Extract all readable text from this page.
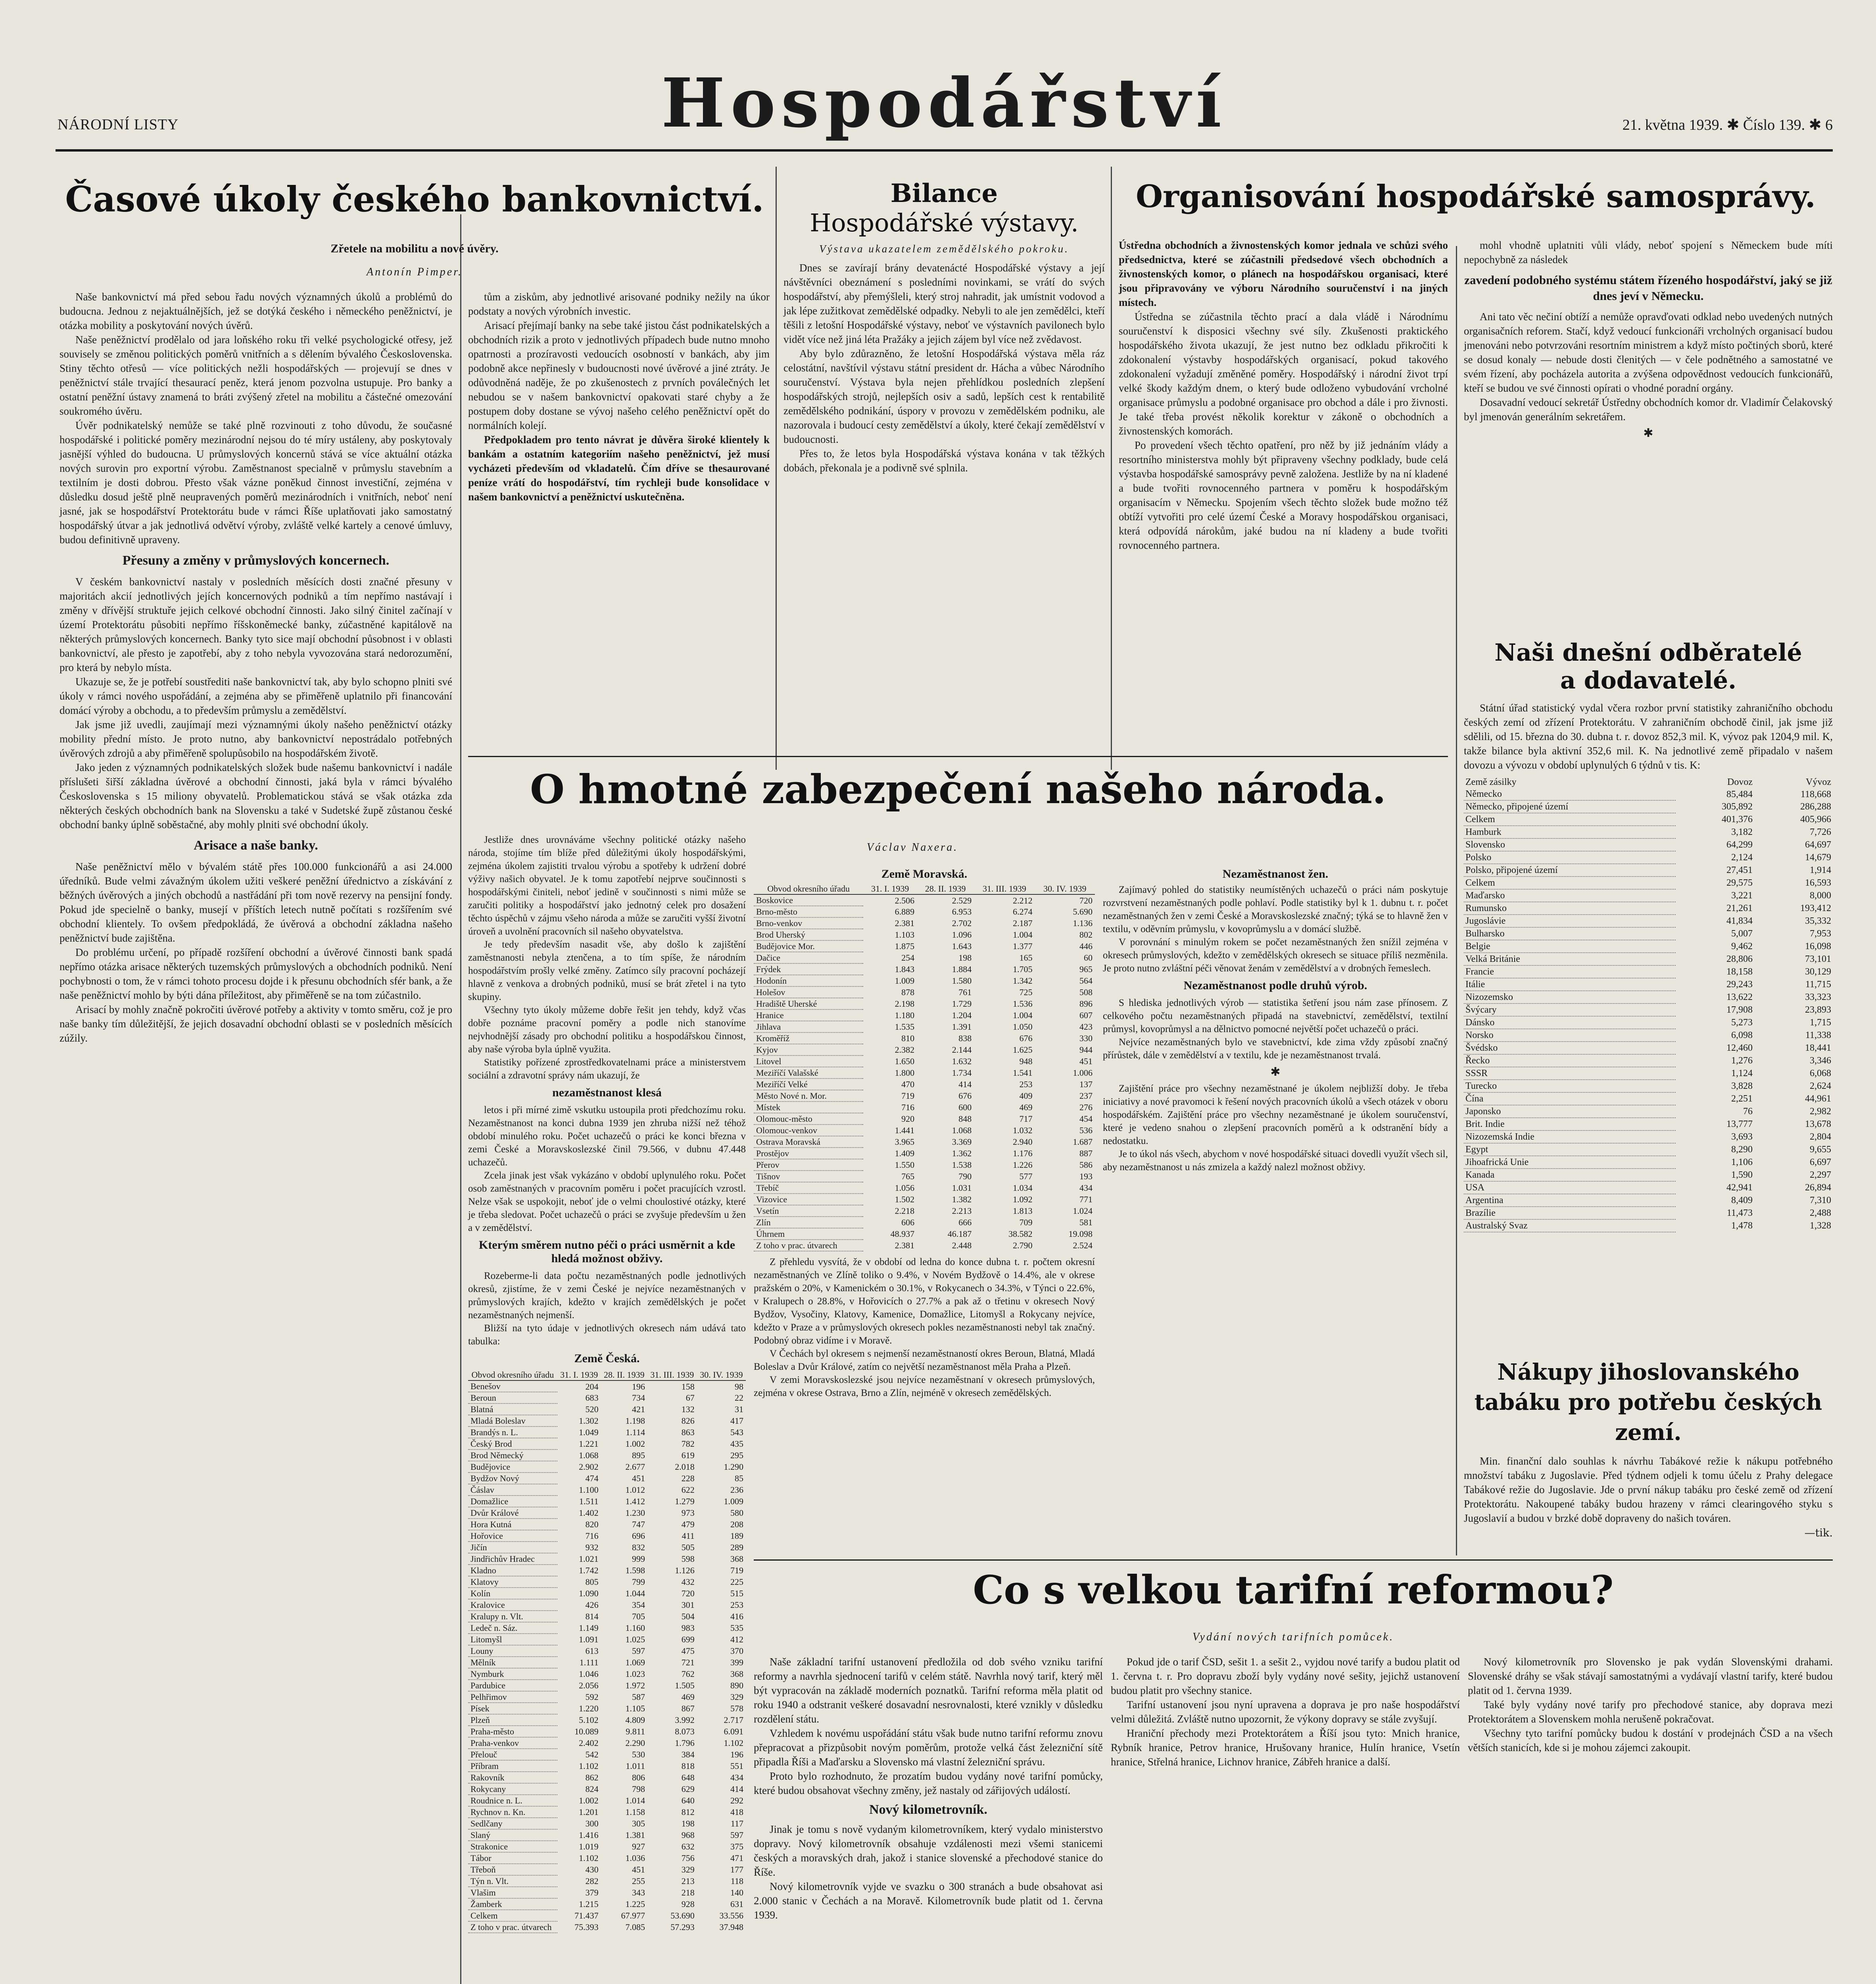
NÁRODNÍ LISTY	Hospodářství	21. května 1939. ✱ Číslo 139. ✱ 6
Časové úkoly českého bankovnictví.

Zřetele na mobilitu a nové úvěry.

Antonín Pimper.

Naše bankovnictví má před sebou řadu nových významných úkolů a problémů do budoucna. Jednou z nejaktuálnějších, jež se dotýká českého i německého peněžnictví, je otázka mobility a poskytování nových úvěrů.

Naše peněžnictví prodělalo od jara loňského roku tři velké psychologické otřesy, jež souvisely se změnou politických poměrů vnitřních a s dělením bývalého Československa. Stiny těchto otřesů — více politických nežli hospodářských — projevují se dnes v peněžnictví stále trvající thesaurací peněz, která jenom pozvolna ustupuje. Pro banky a ostatní peněžní ústavy znamená to bráti zvýšený zřetel na mobilitu a částečné omezování soukromého úvěru.

Úvěr podnikatelský nemůže se také plně rozvinouti z toho důvodu, že současné hospodářské i politické poměry mezinárodní nejsou do té míry ustáleny, aby poskytovaly jasnější výhled do budoucna. U průmyslových koncernů stává se více aktuální otázka nových surovin pro exportní výrobu. Zaměstnanost specialně v průmyslu stavebním a textilním je dosti dobrou. Přesto však vázne poněkud činnost investiční, zejména v důsledku dosud ještě plně neupravených poměrů mezinárodních i vnitřních, neboť není jasné, jak se hospodářství Protektorátu bude v rámci Říše uplatňovati jako samostatný hospodářský útvar a jak jednotlivá odvětví výroby, zvláště velké kartely a cenové úmluvy, budou definitivně upraveny.

Přesuny a změny v průmyslových koncernech.

V českém bankovnictví nastaly v posledních měsících dosti značné přesuny v majoritách akcií jednotlivých jejích koncernových podniků a tím nepřímo nastávají i změny v dřívější struktuře jejich celkové obchodní činnosti. Jako silný činitel začínají v území Protektorátu působiti nepřímo říšskoněmecké banky, zúčastněné kapitálově na některých průmyslových koncernech. Banky tyto sice mají obchodní působnost i v oblasti bankovnictví, ale přesto je zapotřebí, aby z toho nebyla vyvozována stará nedorozumění, pro která by nebylo místa.

Ukazuje se, že je potřebí soustřediti naše bankovnictví tak, aby bylo schopno plniti své úkoly v rámci nového uspořádání, a zejména aby se přiměřeně uplatnilo při financování domácí výroby a obchodu, a to především průmyslu a zemědělství.

Jak jsme již uvedli, zaujímají mezi významnými úkoly našeho peněžnictví otázky mobility přední místo. Je proto nutno, aby bankovnictví nepostrádalo potřebných úvěrových zdrojů a aby přiměřeně spolupůsobilo na hospodářském životě.

Jako jeden z významných podnikatelských složek bude našemu bankovnictví i nadále příslušeti šiřší základna úvěrové a obchodní činnosti, jaká byla v rámci bývalého Československa s 15 miliony obyvatelů. Problematickou stává se však otázka zda některých českých obchodních bank na Slovensku a také v Sudetské župě zůstanou české obchodní banky úplně soběstačné, aby mohly plniti své obchodní úkoly.

Arisace a naše banky.

Naše peněžnictví mělo v bývalém státě přes 100.000 funkcionářů a asi 24.000 úředníků. Bude velmi závažným úkolem užiti veškeré peněžní úřednictvo a získávání z běžných úvěrových a jiných obchodů a nastřádání při tom nově rezervy na pensijní fondy. Pokud jde specielně o banky, musejí v příštích letech nutně počítati s rozšířením své obchodní klientely. To ovšem předpokládá, že úvěrová a obchodní základna našeho peněžnictví bude zajištěna.

Do problému určení, po případě rozšíření obchodní a úvěrové činnosti bank spadá nepřímo otázka arisace některých tuzemských průmyslových a obchodních podniků. Není pochybnosti o tom, že v rámci tohoto procesu dojde i k přesunu obchodních sfér bank, a že naše peněžnictví mohlo by býti dána příležitost, aby přiměřeně se na tom zúčastnilo.

Arisací by mohly značně pokročiti úvěrové potřeby a aktivity v tomto směru, což je pro naše banky tím důležitější, že jejich dosavadní obchodní oblasti se v posledních měsících zúžily.

tům a ziskům, aby jednotlivé arisované podniky nežily na úkor podstaty a nových výrobních investic.

Arisací přejímají banky na sebe také jistou část podnikatelských a obchodních rizik a proto v jednotlivých případech bude nutno mnoho opatrnosti a prozíravosti vedoucích osobností v bankách, aby jim podobně akce nepřinesly v budoucnosti nové úvěrové a jiné ztráty. Je odůvodněná naděje, že po zkušenostech z prvních poválečných let nebudou se v našem bankovnictví opakovati staré chyby a že postupem doby dostane se vývoj našeho celého peněžnictví opět do normálních kolejí.

Předpokladem pro tento návrat je důvěra široké klientely k bankám a ostatním kategoriím našeho peněžnictví, jež musí vycházeti především od vkladatelů. Čím dříve se thesaurované peníze vrátí do hospodářství, tím rychleji bude konsolidace v našem bankovnictví a peněžnictví uskutečněna.

Bilance

Hospodářské výstavy.

Výstava ukazatelem zemědělského pokroku.

Dnes se zavírají brány devatenácté Hospodářské výstavy a její návštěvníci obeznámení s posledními novinkami, se vrátí do svých hospodářství, aby přemýšleli, který stroj nahradit, jak umístnit vodovod a jak lépe zužitkovat zemědělské odpadky. Nebyli to ale jen zemědělci, kteří těšili z letošní Hospodářské výstavy, neboť ve výstavních pavilonech bylo vidět více než jiná léta Pražáky a jejich zájem byl více než zvědavost.

Aby bylo zdůrazněno, že letošní Hospodářská výstava měla ráz celostátní, navštívil výstavu státní president dr. Hácha a vůbec Národního souručenství. Výstava byla nejen přehlídkou posledních zlepšení hospodářských strojů, nejlepších osiv a sadů, lepších cest k rentabilitě zemědělského podnikání, úspory v provozu v zemědělském podniku, ale nazorovala i budoucí cesty zemědělství a úkoly, které čekají zemědělství v budoucnosti.

Přes to, že letos byla Hospodářská výstava konána v tak těžkých dobách, překonala je a podivně své splnila.

Organisování hospodářské samosprávy.

Ústředna obchodních a živnostenských komor jednala ve schůzi svého předsednictva, které se zúčastnili předsedové všech obchodních a živnostenských komor, o plánech na hospodářskou organisaci, které jsou připravovány ve výboru Národního souručenství i na jiných místech.

Ústředna se zúčastnila těchto prací a dala vládě i Národnímu souručenství k disposici všechny své síly. Zkušenosti praktického hospodářského života ukazují, že jest nutno bez odkladu přikročiti k zdokonalení výstavby hospodářských organisací, pokud takového zdokonalení vyžadují změněné poměry. Hospodářský i národní život trpí velké škody každým dnem, o který bude odloženo vybudování vrcholné organisace průmyslu a podobné organisace pro obchod a dále i pro živnosti. Je také třeba provést několik korektur v zákoně o obchodních a živnostenských komorách.

Po provedení všech těchto opatření, pro něž by již jednáním vlády a resortního ministerstva mohly být připraveny všechny podklady, bude celá výstavba hospodářské samosprávy pevně založena. Jestliže by na ní kladené a bude tvořiti rovnocenného partnera v poměru k hospodářským organisacím v Německu. Spojením všech těchto složek bude možno též obtíží vytvořiti pro celé území České a Moravy hospodářskou organisaci, která odpovídá nárokům, jaké budou na ní kladeny a bude tvořiti rovnocenného partnera.

mohl vhodně uplatniti vůli vlády, neboť spojení s Německem bude míti nepochybně za následek

zavedení podobného systému státem řízeného hospodářství, jaký se již dnes jeví v Německu.

Ani tato věc nečiní obtíží a nemůže opravďovati odklad nebo uvedených nutných organisačních reforem. Stačí, když vedoucí funkcionáři vrcholných organisací budou jmenováni nebo potvrzováni resortním ministrem a když místo počtiných sborů, které se dosud konaly — nebude dosti členitých — v čele podnětného a samostatné ve svém řízení, aby pocházela autorita a zvýšena odpovědnost vedoucích funkcionářů, kteří se budou ve své činnosti opírati o vhodné poradní orgány.

Dosavadní vedoucí sekretář Ústředny obchodních komor dr. Vladimír Čelakovský byl jmenován generálním sekretářem.

✱

Naši dnešní odběratelé

a dodavatelé.

Státní úřad statistický vydal včera rozbor první statistiky zahraničního obchodu českých zemí od zřízení Protektorátu. V zahraničním obchodě činil, jak jsme již sdělili, od 15. března do 30. dubna t. r. dovoz 852,3 mil. K, vývoz pak 1204,9 mil. K, takže bilance byla aktivní 352,6 mil. K. Na jednotlivé země připadalo v našem dovozu a vývozu v období uplynulých 6 týdnů v tis. K:

Země zásilky	Dovoz	Vývoz
Německo	85,484	118,668
Německo, připojené území	305,892	286,288
Celkem	401,376	405,966
Hamburk	3,182	7,726
Slovensko	64,299	64,697
Polsko	2,124	14,679
Polsko, připojené území	27,451	1,914
Celkem	29,575	16,593
Maďarsko	3,221	8,000
Rumunsko	21,261	193,412
Jugoslávie	41,834	35,332
Bulharsko	5,007	7,953
Belgie	9,462	16,098
Velká Británie	28,806	73,101
Francie	18,158	30,129
Itálie	29,243	11,715
Nizozemsko	13,622	33,323
Švýcary	17,908	23,893
Dánsko	5,273	1,715
Norsko	6,098	11,338
Švédsko	12,460	18,441
Řecko	1,276	3,346
SSSR	1,124	6,068
Turecko	3,828	2,624
Čína	2,251	44,961
Japonsko	76	2,982
Brit. Indie	13,777	13,678
Nizozemská Indie	3,693	2,804
Egypt	8,290	9,655
Jihoafrická Unie	1,106	6,697
Kanada	1,590	2,297
USA	42,941	26,894
Argentina	8,409	7,310
Brazílie	11,473	2,488
Australský Svaz	1,478	1,328
O hmotné zabezpečení našeho národa.

Václav Naxera.

Jestliže dnes urovnáváme všechny politické otázky našeho národa, stojíme tím blíže před důležitými úkoly hospodářskými, zejména úkolem zajistiti trvalou výrobu a spotřeby k udržení dobré výživy našich obyvatel. Je k tomu zapotřebí nejprve součinnosti s hospodářskými činiteli, neboť jedině v součinnosti s nimi může se zaručiti politiky a hospodářství jako jednotný celek pro dosažení těchto úspěchů v zájmu všeho národa a může se zaručiti vyšší životní úroveň a uvolnění pracovních sil našeho obyvatelstva.

Je tedy především nasadit vše, aby došlo k zajištění zaměstnanosti nebyla ztenčena, a to tím spíše, že národním hospodářstvím prošly velké změny. Zatímco síly pracovní pocházejí hlavně z venkova a drobných podniků, musí se brát zřetel i na tyto skupiny.

Všechny tyto úkoly můžeme dobře řešit jen tehdy, když včas dobře poznáme pracovní poměry a podle nich stanovíme nejvhodnější zásady pro obchodní politiku a hospodářskou činnost, aby naše výroba byla úplně využita.

Statistiky pořízené zprostředkovatelnami práce a ministerstvem sociální a zdravotní správy nám ukazují, že

nezaměstnanost klesá

letos i při mírné zimě vskutku ustoupila proti předchozímu roku. Nezaměstnanost na konci dubna 1939 jen zhruba nižší než téhož období minulého roku. Počet uchazečů o práci ke konci března v zemi České a Moravskoslezské činil 79.566, v dubnu 47.448 uchazečů.

Zcela jinak jest však vykázáno v období uplynulého roku. Počet osob zaměstnaných v pracovním poměru i počet pracujících vzrostl. Nelze však se uspokojit, neboť jde o velmi choulostivé otázky, které je třeba sledovat. Počet uchazečů o práci se zvyšuje především u žen a v zemědělství.

Kterým směrem nutno péči o práci usměrnit a kde hledá možnost obživy.

Rozeberme-li data počtu nezaměstnaných podle jednotlivých okresů, zjistíme, že v zemi České je nejvíce nezaměstnaných v průmyslových krajích, kdežto v krajích zemědělských je počet nezaměstnaných nejmenší.

Bližší na tyto údaje v jednotlivých okresech nám udává tato tabulka:

Země Česká.

Obvod okresního úřadu	31. I. 1939	28. II. 1939	31. III. 1939	30. IV. 1939
Benešov	204	196	158	98
Beroun	683	734	67	22
Blatná	520	421	132	31
Mladá Boleslav	1.302	1.198	826	417
Brandýs n. L.	1.049	1.114	863	543
Český Brod	1.221	1.002	782	435
Brod Německý	1.068	895	619	295
Budějovice	2.902	2.677	2.018	1.290
Bydžov Nový	474	451	228	85
Čáslav	1.100	1.012	622	236
Domažlice	1.511	1.412	1.279	1.009
Dvůr Králové	1.402	1.230	973	580
Hora Kutná	820	747	479	208
Hořovice	716	696	411	189
Jičín	932	832	505	289
Jindřichův Hradec	1.021	999	598	368
Kladno	1.742	1.598	1.126	719
Klatovy	805	799	432	225
Kolín	1.090	1.044	720	515
Kralovice	426	354	301	253
Kralupy n. Vlt.	814	705	504	416
Ledeč n. Sáz.	1.149	1.160	983	535
Litomyšl	1.091	1.025	699	412
Louny	613	597	475	370
Mělník	1.111	1.069	721	399
Nymburk	1.046	1.023	762	368
Pardubice	2.056	1.972	1.505	890
Pelhřimov	592	587	469	329
Písek	1.220	1.105	867	578
Plzeň	5.102	4.809	3.992	2.717
Praha-město	10.089	9.811	8.073	6.091
Praha-venkov	2.402	2.290	1.796	1.102
Přelouč	542	530	384	196
Příbram	1.102	1.011	818	551
Rakovník	862	806	648	434
Rokycany	824	798	629	414
Roudnice n. L.	1.002	1.014	640	292
Rychnov n. Kn.	1.201	1.158	812	418
Sedlčany	300	305	198	117
Slaný	1.416	1.381	968	597
Strakonice	1.019	927	632	375
Tábor	1.102	1.036	756	471
Třeboň	430	451	329	177
Týn n. Vlt.	282	255	213	118
Vlašim	379	343	218	140
Žamberk	1.215	1.225	928	631
Celkem	71.437	67.977	53.690	33.556
Z toho v prac. útvarech	75.393	7.085	57.293	37.948

Země Moravská.

Obvod okresního úřadu	31. I. 1939	28. II. 1939	31. III. 1939	30. IV. 1939
Boskovice	2.506	2.529	2.212	720
Brno-město	6.889	6.953	6.274	5.690
Brno-venkov	2.381	2.702	2.187	1.136
Brod Uherský	1.103	1.096	1.004	802
Budějovice Mor.	1.875	1.643	1.377	446
Dačice	254	198	165	60
Frýdek	1.843	1.884	1.705	965
Hodonín	1.009	1.580	1.342	564
Holešov	878	761	725	508
Hradiště Uherské	2.198	1.729	1.536	896
Hranice	1.180	1.204	1.004	607
Jihlava	1.535	1.391	1.050	423
Kroměříž	810	838	676	330
Kyjov	2.382	2.144	1.625	944
Litovel	1.650	1.632	948	451
Meziříčí Valašské	1.800	1.734	1.541	1.006
Meziříčí Velké	470	414	253	137
Město Nové n. Mor.	719	676	409	237
Místek	716	600	469	276
Olomouc-město	920	848	717	454
Olomouc-venkov	1.441	1.068	1.032	536
Ostrava Moravská	3.965	3.369	2.940	1.687
Prostějov	1.409	1.362	1.176	887
Přerov	1.550	1.538	1.226	586
Tišnov	765	790	577	193
Třebíč	1.056	1.031	1.034	434
Vizovice	1.502	1.382	1.092	771
Vsetín	2.218	2.213	1.813	1.024
Zlín	606	666	709	581
Úhrnem	48.937	46.187	38.582	19.098
Z toho v prac. útvarech	2.381	2.448	2.790	2.524

Z přehledu vysvítá, že v období od ledna do konce dubna t. r. počtem okresní nezaměstnaných ve Zlíně toliko o 9.4%, v Novém Bydžově o 14.4%, ale v okrese pražském o 20%, v Kamenickém o 30.1%, v Rokycanech o 34.3%, v Týnci o 22.6%, v Kralupech o 28.8%, v Hořovicích o 27.7% a pak až o třetinu v okresech Nový Bydžov, Vysočiny, Klatovy, Kamenice, Domažlice, Litomyšl a Rokycany nejvíce, kdežto v Praze a v průmyslových okresech pokles nezaměstnanosti nebyl tak značný. Podobný obraz vidíme i v Moravě.

V Čechách byl okresem s nejmenší nezaměstnaností okres Beroun, Blatná, Mladá Boleslav a Dvůr Králové, zatím co největší nezaměstnanost měla Praha a Plzeň.

V zemi Moravskoslezské jsou nejvíce nezaměstnaní v okresech průmyslových, zejména v okrese Ostrava, Brno a Zlín, nejméně v okresech zemědělských.

Nezaměstnanost žen.

Zajímavý pohled do statistiky neumístěných uchazečů o práci nám poskytuje rozvrstvení nezaměstnaných podle pohlaví. Podle statistiky byl k 1. dubnu t. r. počet nezaměstnaných žen v zemi České a Moravskoslezské značný; týká se to hlavně žen v textilu, v oděvním průmyslu, v kovoprůmyslu a v domácí službě.

V porovnání s minulým rokem se počet nezaměstnaných žen snížil zejména v okresech průmyslových, kdežto v zemědělských okresech se situace příliš nezměnila. Je proto nutno zvláštní péči věnovat ženám v zemědělství a v drobných řemeslech.

Nezaměstnanost podle druhů výrob.

S hlediska jednotlivých výrob — statistika šetření jsou nám zase přínosem. Z celkového počtu nezaměstnaných připadá na stavebnictví, zemědělství, textilní průmysl, kovoprůmysl a na dělnictvo pomocné největší počet uchazečů o práci.

Nejvíce nezaměstnaných bylo ve stavebnictví, kde zima vždy způsobí značný přírůstek, dále v zemědělství a v textilu, kde je nezaměstnanost trvalá.

✱

Zajištění práce pro všechny nezaměstnané je úkolem nejbližší doby. Je třeba iniciativy a nové pravomoci k řešení nových pracovních úkolů a všech otázek v oboru hospodářském. Zajištění práce pro všechny nezaměstnané je úkolem souručenství, které je vedeno snahou o zlepšení pracovních poměrů a k odstranění bídy a nedostatku.

Je to úkol nás všech, abychom v nové hospodářské situaci dovedli využít všech sil, aby nezaměstnanost u nás zmizela a každý nalezl možnost obživy.

Nákupy jihoslovanského tabáku pro potřebu českých zemí.

Min. finanční dalo souhlas k návrhu Tabákové režie k nákupu potřebného množství tabáku z Jugoslavie. Před týdnem odjeli k tomu účelu z Prahy delegace Tabákové režie do Jugoslavie. Jde o první nákup tabáku pro české země od zřízení Protektorátu. Nakoupené tabáky budou hrazeny v rámci clearingového styku s Jugoslavií a budou v brzké době dopraveny do našich továren.

—tik.

Co s velkou tarifní reformou?

Vydání nových tarifních pomůcek.

Naše základní tarifní ustanovení předložila od dob svého vzniku tarifní reformy a navrhla sjednocení tarifů v celém státě. Navrhla nový tarif, který měl být vypracován na základě moderních poznatků. Tarifní reforma měla platit od roku 1940 a odstranit veškeré dosavadní nesrovnalosti, které vznikly v důsledku rozdělení státu.

Vzhledem k novému uspořádání státu však bude nutno tarifní reformu znovu přepracovat a přizpůsobit novým poměrům, protože velká část železniční sítě připadla Říši a Maďarsku a Slovensko má vlastní železniční správu.

Proto bylo rozhodnuto, že prozatím budou vydány nové tarifní pomůcky, které budou obsahovat všechny změny, jež nastaly od zářijových událostí.

Nový kilometrovník.

Jinak je tomu s nově vydaným kilometrovníkem, který vydalo ministerstvo dopravy. Nový kilometrovník obsahuje vzdálenosti mezi všemi stanicemi českých a moravských drah, jakož i stanice slovenské a přechodové stanice do Říše.

Nový kilometrovník vyjde ve svazku o 300 stranách a bude obsahovat asi 2.000 stanic v Čechách a na Moravě. Kilometrovník bude platit od 1. června 1939.

Pokud jde o tarif ČSD, sešit 1. a sešit 2., vyjdou nové tarify a budou platit od 1. června t. r. Pro dopravu zboží byly vydány nové sešity, jejichž ustanovení budou platit pro všechny stanice.

Tarifní ustanovení jsou nyní upravena a doprava je pro naše hospodářství velmi důležitá. Zvláště nutno upozornit, že výkony dopravy se stále zvyšují.

Hraniční přechody mezi Protektorátem a Říší jsou tyto: Mnich hranice, Rybník hranice, Petrov hranice, Hrušovany hranice, Hulín hranice, Vsetín hranice, Střelná hranice, Lichnov hranice, Zábřeh hranice a další.

Nový kilometrovník pro Slovensko je pak vydán Slovenskými drahami. Slovenské dráhy se však stávají samostatnými a vydávají vlastní tarify, které budou platit od 1. června 1939.

Také byly vydány nové tarify pro přechodové stanice, aby doprava mezi Protektorátem a Slovenskem mohla nerušeně pokračovat.

Všechny tyto tarifní pomůcky budou k dostání v prodejnách ČSD a na všech větších stanicích, kde si je mohou zájemci zakoupit.
